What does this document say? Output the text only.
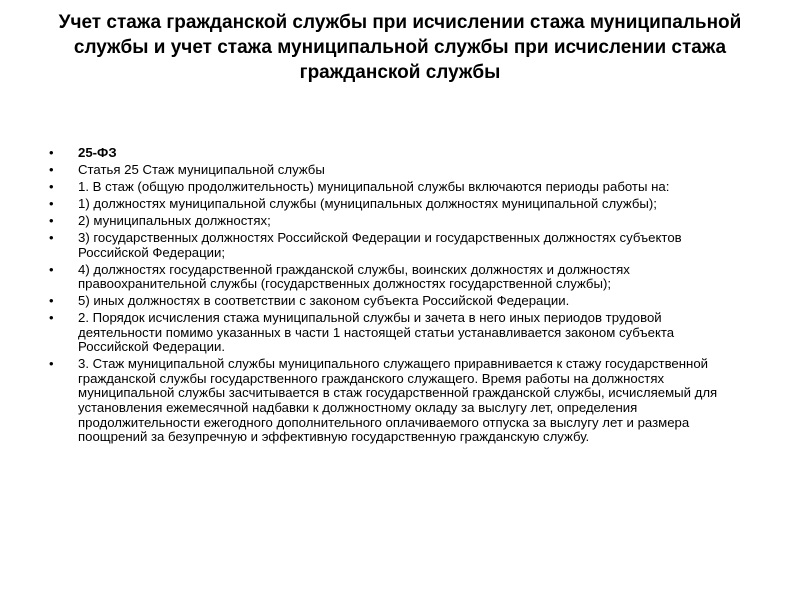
Учет стажа гражданской службы при исчислении стажа муниципальной службы и учет стажа муниципальной службы при исчислении стажа гражданской службы
• 25-ФЗ
• Статья 25 Стаж муниципальной службы
• 1. В стаж (общую продолжительность) муниципальной службы включаются периоды работы на:
• 1) должностях муниципальной службы (муниципальных должностях муниципальной службы);
• 2) муниципальных должностях;
• 3) государственных должностях Российской Федерации и государственных должностях субъектов Российской Федерации;
• 4) должностях государственной гражданской службы, воинских должностях и должностях правоохранительной службы (государственных должностях государственной службы);
• 5) иных должностях в соответствии с законом субъекта Российской Федерации.
• 2. Порядок исчисления стажа муниципальной службы и зачета в него иных периодов трудовой деятельности помимо указанных в части 1 настоящей статьи устанавливается законом субъекта Российской Федерации.
• 3. Стаж муниципальной службы муниципального служащего приравнивается к стажу государственной гражданской службы государственного гражданского служащего. Время работы на должностях муниципальной службы засчитывается в стаж государственной гражданской службы, исчисляемый для установления ежемесячной надбавки к должностному окладу за выслугу лет, определения продолжительности ежегодного дополнительного оплачиваемого отпуска за выслугу лет и размера поощрений за безупречную и эффективную государственную гражданскую службу.
